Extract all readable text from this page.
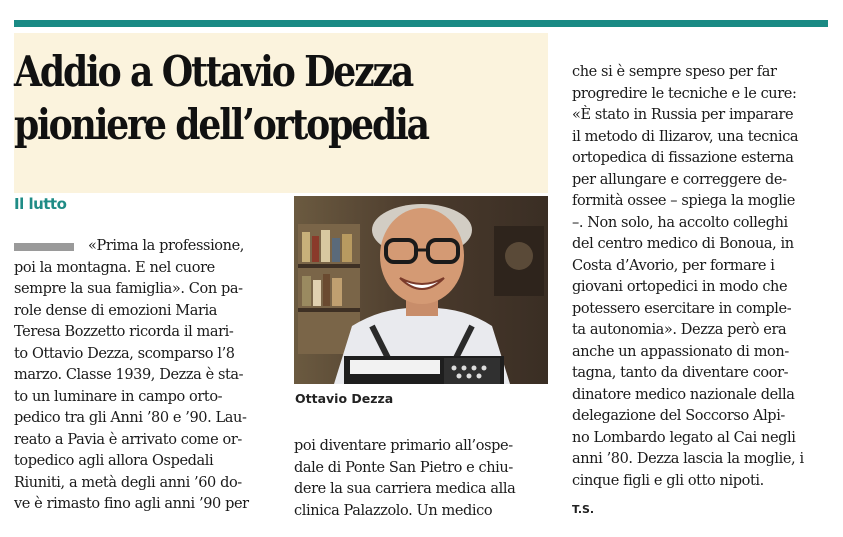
Addio a Ottavio Dezza
pioniere dell’ortopedia
Il lutto
«Prima la professione,
poi la montagna. E nel cuore
sempre la sua famiglia». Con pa-
role dense di emozioni Maria
Teresa Bozzetto ricorda il mari-
to Ottavio Dezza, scomparso l’8
marzo. Classe 1939, Dezza è sta-
to un luminare in campo orto-
pedico tra gli Anni ’80 e ’90. Lau-
reato a Pavia è arrivato come or-
topedico agli allora Ospedali
Riuniti, a metà degli anni ’60 do-
ve è rimasto fino agli anni ’90 per
Ottavio Dezza
poi diventare primario all’ospe-
dale di Ponte San Pietro e chiu-
dere la sua carriera medica alla
clinica Palazzolo. Un medico
che si è sempre speso per far
progredire le tecniche e le cure:
«È stato in Russia per imparare
il metodo di Ilizarov, una tecnica
ortopedica di fissazione esterna
per allungare e correggere de-
formità ossee – spiega la moglie
–. Non solo, ha accolto colleghi
del centro medico di Bonoua, in
Costa d’Avorio, per formare i
giovani ortopedici in modo che
potessero esercitare in comple-
ta autonomia». Dezza però era
anche un appassionato di mon-
tagna, tanto da diventare coor-
dinatore medico nazionale della
delegazione del Soccorso Alpi-
no Lombardo legato al Cai negli
anni ’80. Dezza lascia la moglie, i
cinque figli e gli otto nipoti.
T.S.
